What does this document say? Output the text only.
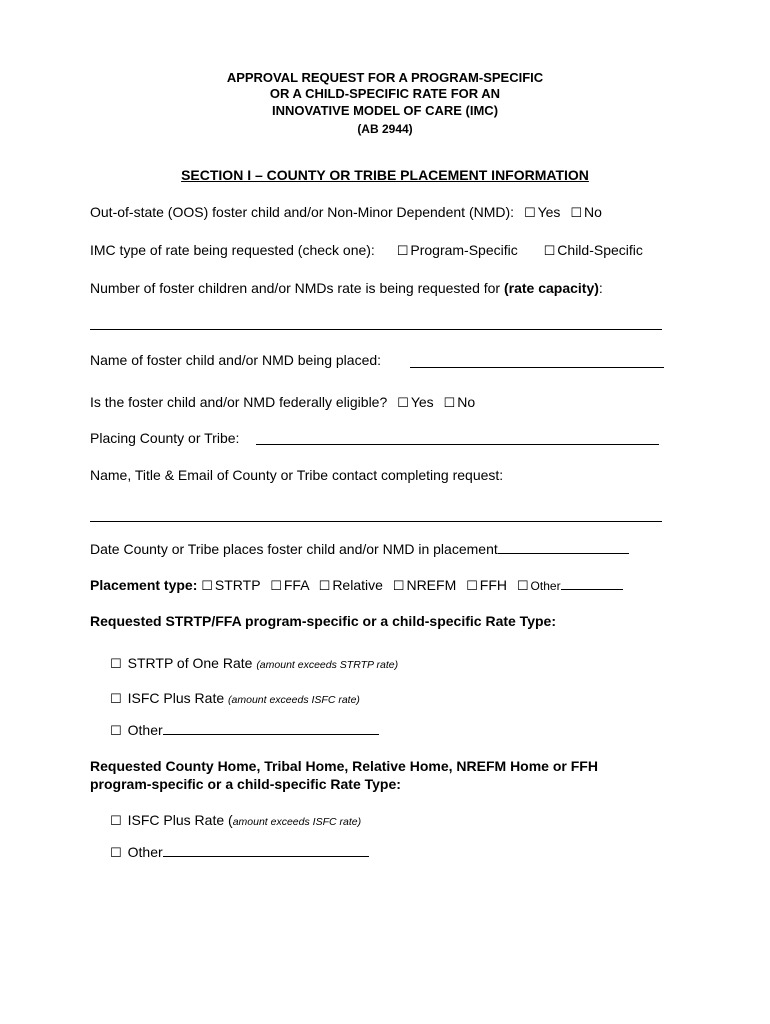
APPROVAL REQUEST FOR A PROGRAM-SPECIFIC
OR A CHILD-SPECIFIC RATE FOR AN
INNOVATIVE MODEL OF CARE (IMC)
(AB 2944)
SECTION I – COUNTY OR TRIBE PLACEMENT INFORMATION
Out-of-state (OOS) foster child and/or Non-Minor Dependent (NMD): ☐ Yes ☐ No
IMC type of rate being requested (check one): ☐ Program-Specific ☐ Child-Specific
Number of foster children and/or NMDs rate is being requested for (rate capacity):
Name of foster child and/or NMD being placed:
Is the foster child and/or NMD federally eligible? ☐ Yes ☐ No
Placing County or Tribe:
Name, Title & Email of County or Tribe contact completing request:
Date County or Tribe places foster child and/or NMD in placement
Placement type: ☐ STRTP ☐ FFA ☐ Relative ☐ NREFM ☐ FFH ☐ Other
Requested STRTP/FFA program-specific or a child-specific Rate Type:
☐ STRTP of One Rate (amount exceeds STRTP rate)
☐ ISFC Plus Rate (amount exceeds ISFC rate)
☐ Other
Requested County Home, Tribal Home, Relative Home, NREFM Home or FFH
program-specific or a child-specific Rate Type:
☐ ISFC Plus Rate (amount exceeds ISFC rate)
☐ Other
